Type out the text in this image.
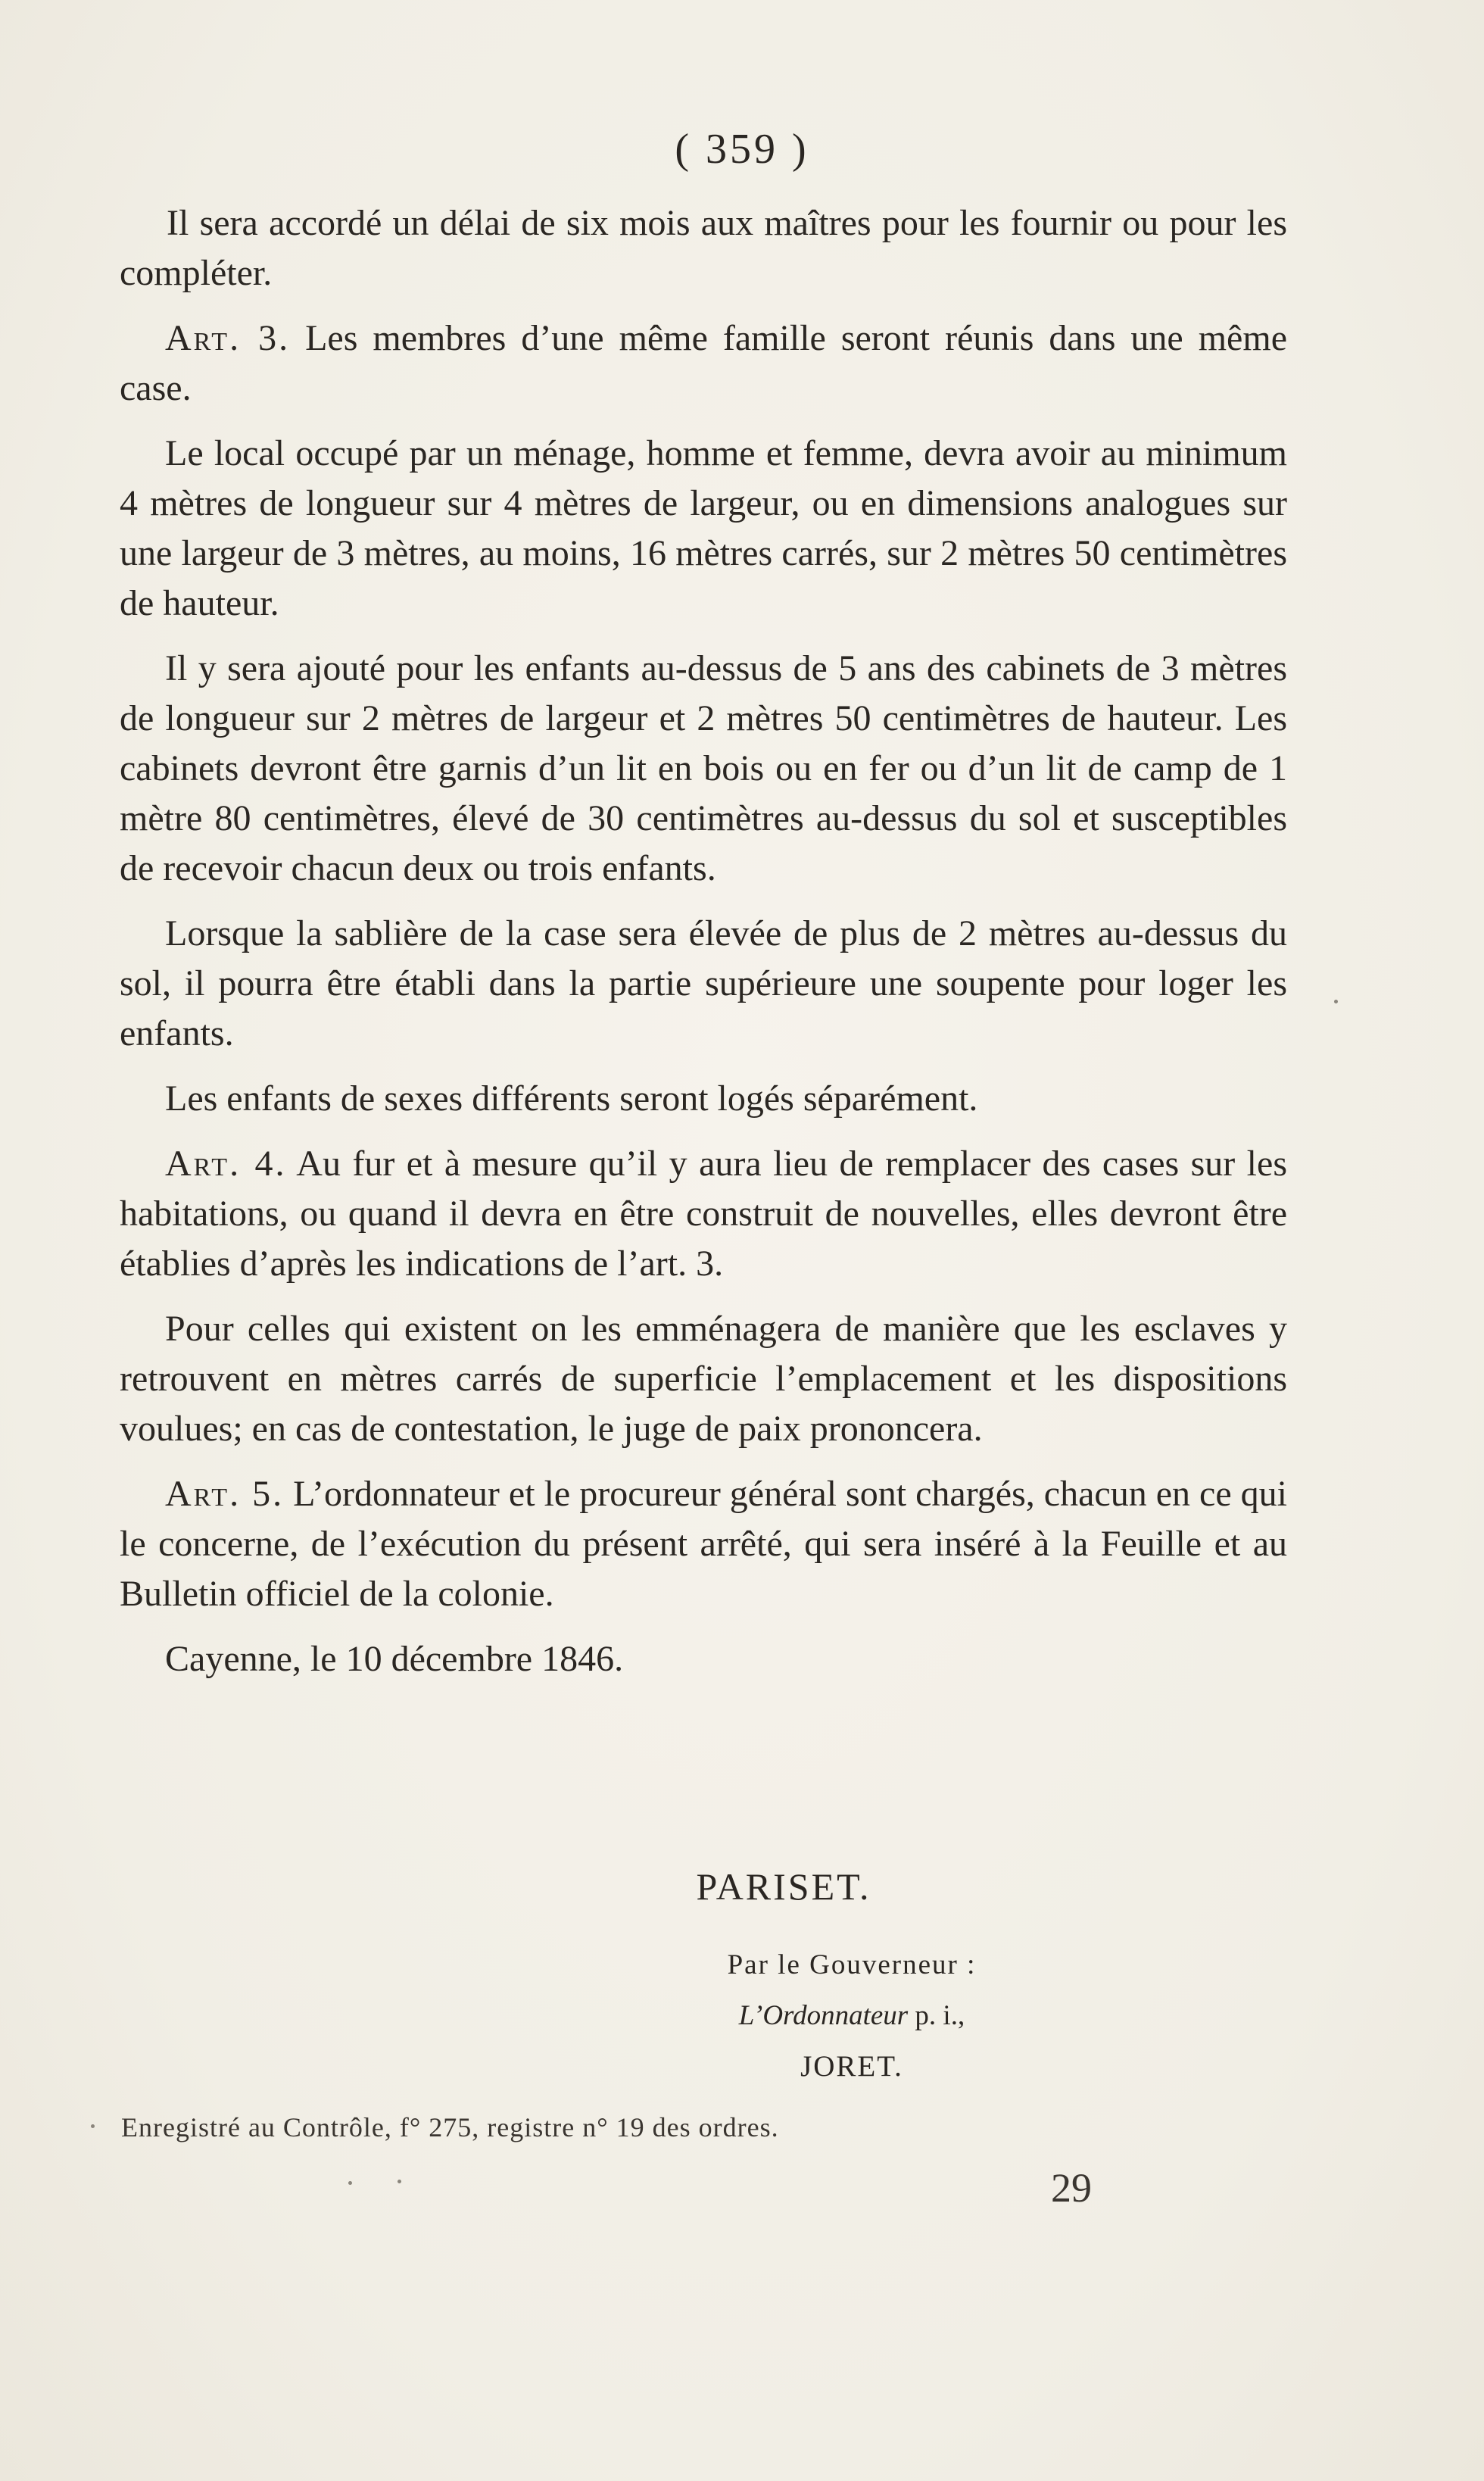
( 359 )

Il sera accordé un délai de six mois aux maîtres pour les fournir ou pour les compléter.

Art. 3. Les membres d’une même famille seront réunis dans une même case.

Le local occupé par un ménage, homme et femme, devra avoir au minimum 4 mètres de longueur sur 4 mètres de largeur, ou en dimensions analogues sur une largeur de 3 mètres, au moins, 16 mètres carrés, sur 2 mètres 50 centimètres de hauteur.

Il y sera ajouté pour les enfants au-dessus de 5 ans des cabinets de 3 mètres de longueur sur 2 mètres de largeur et 2 mètres 50 centimètres de hauteur. Les cabinets devront être garnis d’un lit en bois ou en fer ou d’un lit de camp de 1 mètre 80 centimètres, élevé de 30 centimètres au-dessus du sol et susceptibles de recevoir chacun deux ou trois enfants.

Lorsque la sablière de la case sera élevée de plus de 2 mètres au-dessus du sol, il pourra être établi dans la partie supérieure une soupente pour loger les enfants.

Les enfants de sexes différents seront logés séparément.

Art. 4. Au fur et à mesure qu’il y aura lieu de remplacer des cases sur les habitations, ou quand il devra en être construit de nouvelles, elles devront être établies d’après les indications de l’art. 3.

Pour celles qui existent on les emménagera de manière que les esclaves y retrouvent en mètres carrés de superficie l’emplacement et les dispositions voulues; en cas de contestation, le juge de paix prononcera.

Art. 5. L’ordonnateur et le procureur général sont chargés, chacun en ce qui le concerne, de l’exécution du présent arrêté, qui sera inséré à la Feuille et au Bulletin officiel de la colonie.

Cayenne, le 10 décembre 1846.

PARISET.
Par le Gouverneur :
L’Ordonnateur p. i.,
JORET.
Enregistré au Contrôle, f° 275, registre n° 19 des ordres.
29
